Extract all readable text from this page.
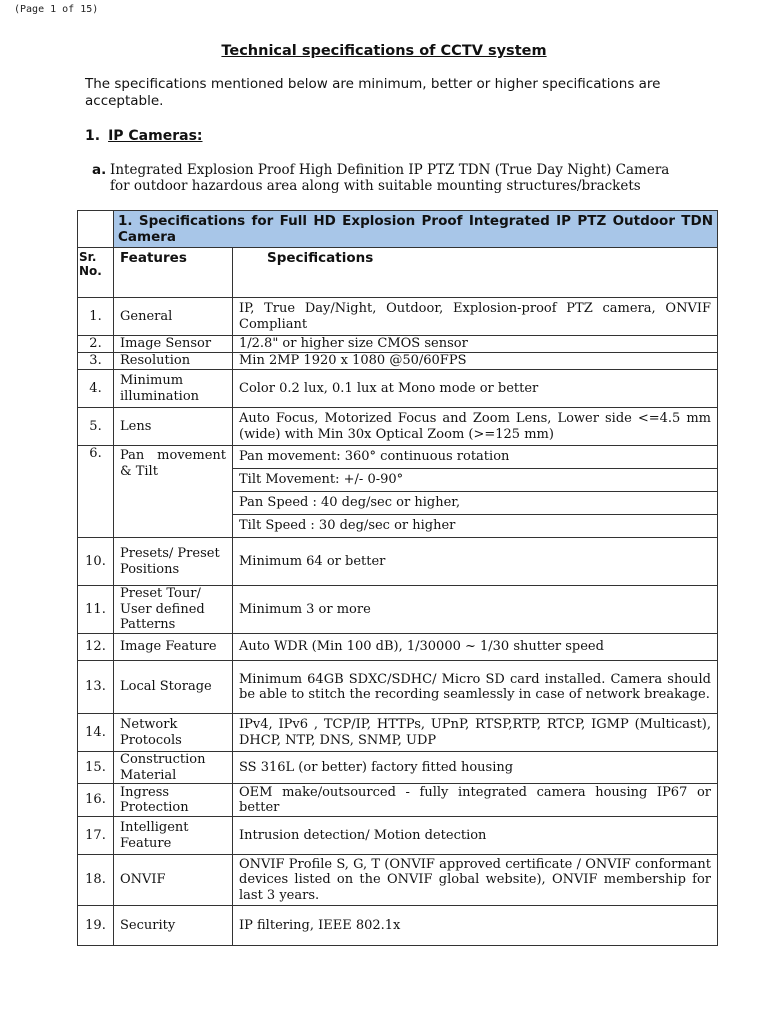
(Page 1 of 15)
Technical specifications of CCTV system
The specifications mentioned below are minimum, better or higher specifications are acceptable.
1. IP Cameras:
a. Integrated Explosion Proof High Definition IP PTZ TDN (True Day Night) Camera
for outdoor hazardous area along with suitable mounting structures/brackets
	1. Specifications for Full HD Explosion Proof Integrated IP PTZ Outdoor TDN Camera	
Sr. No.	Features	Specifications
1.	General	IP, True Day/Night, Outdoor, Explosion-proof PTZ camera, ONVIF Compliant
2.	Image Sensor	1/2.8" or higher size CMOS sensor
3.	Resolution	Min 2MP 1920 x 1080 @50/60FPS
4.	Minimum illumination	Color 0.2 lux, 0.1 lux at Mono mode or better
5.	Lens	Auto Focus, Motorized Focus and Zoom Lens, Lower side <=4.5 mm (wide) with Min 30x Optical Zoom (>=125 mm)
6.	Pan movement & Tilt	Pan movement: 360° continuous rotation
		Tilt Movement: +/- 0-90°
		Pan Speed : 40 deg/sec or higher,
		Tilt Speed : 30 deg/sec or higher
10.	Presets/ Preset Positions	Minimum 64 or better
11.	Preset Tour/ User defined Patterns	Minimum 3 or more
12.	Image Feature	Auto WDR (Min 100 dB), 1/30000 ~ 1/30 shutter speed
13.	Local Storage	Minimum 64GB SDXC/SDHC/ Micro SD card installed. Camera should be able to stitch the recording seamlessly in case of network breakage.
14.	Network Protocols	IPv4, IPv6 , TCP/IP, HTTPs, UPnP, RTSP,RTP, RTCP, IGMP (Multicast), DHCP, NTP, DNS, SNMP, UDP
15.	Construction Material	SS 316L (or better) factory fitted housing
16.	Ingress Protection	OEM make/outsourced - fully integrated camera housing IP67 or better
17.	Intelligent Feature	Intrusion detection/ Motion detection
18.	ONVIF	ONVIF Profile S, G, T (ONVIF approved certificate / ONVIF conformant devices listed on the ONVIF global website), ONVIF membership for last 3 years.
19.	Security	IP filtering, IEEE 802.1x
